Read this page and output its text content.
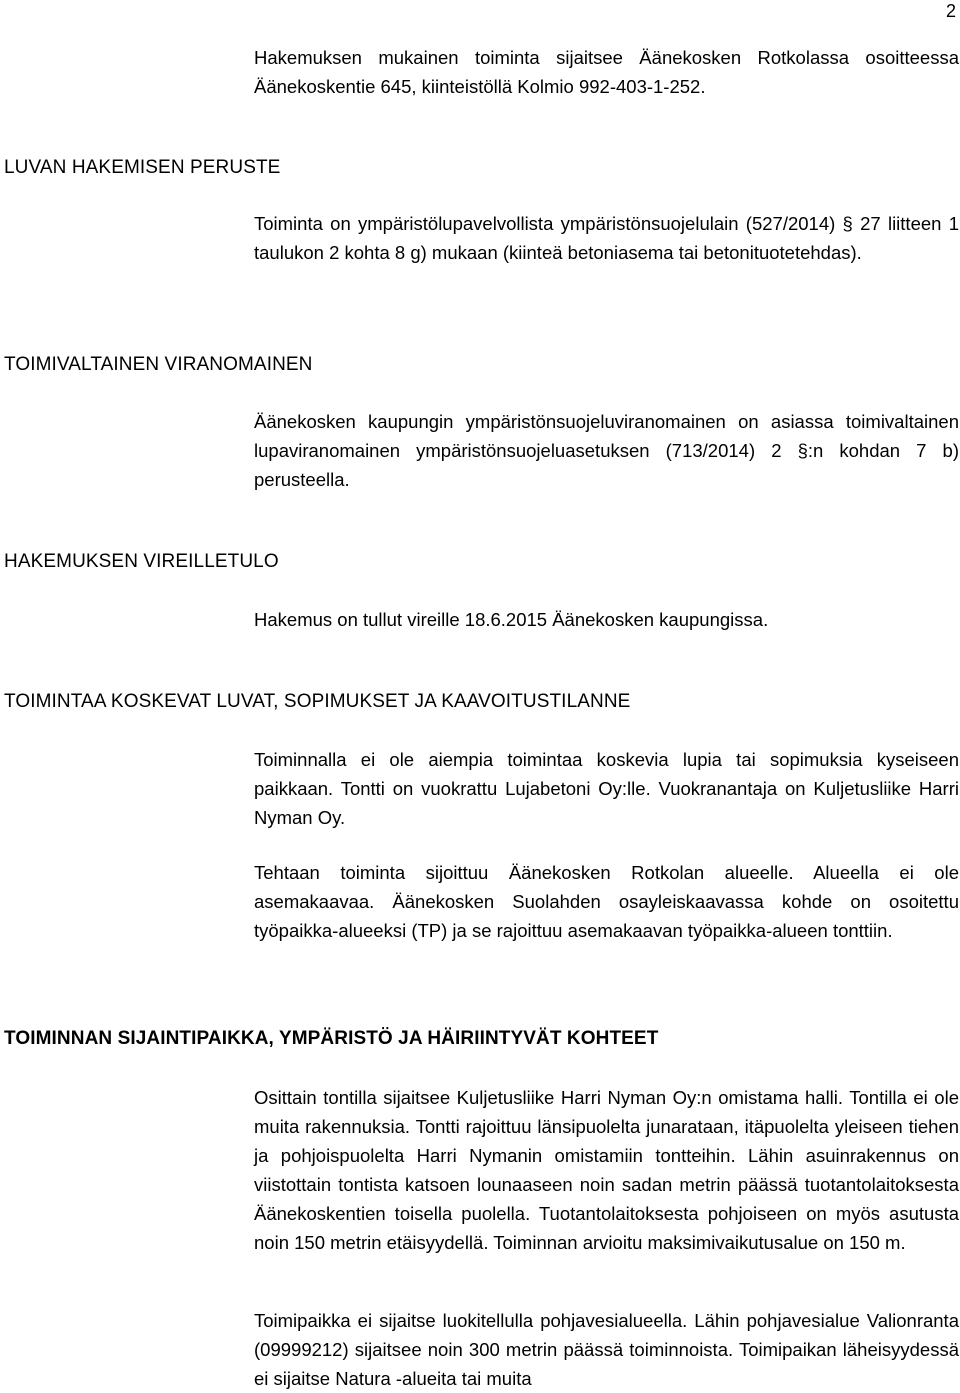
2

Hakemuksen mukainen toiminta sijaitsee Äänekosken Rotkolassa osoitteessa Äänekoskentie 645, kiinteistöllä Kolmio 992-403-1-252.

LUVAN HAKEMISEN PERUSTE

Toiminta on ympäristölupavelvollista ympäristönsuojelulain (527/2014) § 27 liitteen 1 taulukon 2 kohta 8 g) mukaan (kiinteä betoniasema tai betonituotetehdas).

TOIMIVALTAINEN VIRANOMAINEN

Äänekosken kaupungin ympäristönsuojeluviranomainen on asiassa toimivaltainen lupaviranomainen ympäristönsuojeluasetuksen (713/2014) 2 §:n kohdan 7 b) perusteella.

HAKEMUKSEN VIREILLETULO

Hakemus on tullut vireille 18.6.2015 Äänekosken kaupungissa.

TOIMINTAA KOSKEVAT LUVAT, SOPIMUKSET JA KAAVOITUSTILANNE

Toiminnalla ei ole aiempia toimintaa koskevia lupia tai sopimuksia kyseiseen paikkaan. Tontti on vuokrattu Lujabetoni Oy:lle. Vuokranantaja on Kuljetusliike Harri Nyman Oy.

Tehtaan toiminta sijoittuu Äänekosken Rotkolan alueelle. Alueella ei ole asemakaavaa. Äänekosken Suolahden osayleiskaavassa kohde on osoitettu työpaikka-alueeksi (TP) ja se rajoittuu asemakaavan työpaikka-alueen tonttiin.

TOIMINNAN SIJAINTIPAIKKA, YMPÄRISTÖ JA HÄIRIINTYVÄT KOHTEET

Osittain tontilla sijaitsee Kuljetusliike Harri Nyman Oy:n omistama halli. Tontilla ei ole muita rakennuksia. Tontti rajoittuu länsipuolelta junarataan, itäpuolelta yleiseen tiehen ja pohjoispuolelta Harri Nymanin omistamiin tontteihin. Lähin asuinrakennus on viistottain tontista katsoen lounaaseen noin sadan metrin päässä tuotantolaitoksesta Äänekoskentien toisella puolella. Tuotantolaitoksesta pohjoiseen on myös asutusta noin 150 metrin etäisyydellä. Toiminnan arvioitu maksimivaikutusalue on 150 m.

Toimipaikka ei sijaitse luokitellulla pohjavesialueella. Lähin pohjavesialue Valionranta (09999212) sijaitsee noin 300 metrin päässä toiminnoista. Toimipaikan läheisyydessä ei sijaitse Natura -alueita tai muita
